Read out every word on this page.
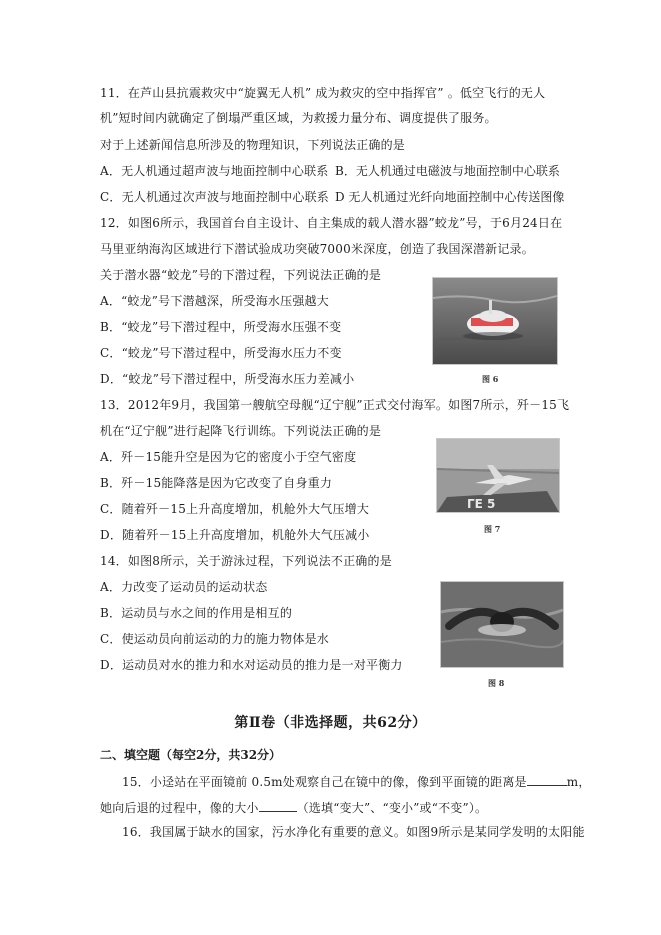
11．在芦山县抗震救灾中“旋翼无人机” 成为救灾的空中指挥官” 。低空飞行的无人
机”短时间内就确定了倒塌严重区域，为救援力量分布、调度提供了服务。
对于上述新闻信息所涉及的物理知识，下列说法正确的是
A．无人机通过超声波与地面控制中心联系 B．无人机通过电磁波与地面控制中心联系
C．无人机通过次声波与地面控制中心联系 D 无人机通过光纤向地面控制中心传送图像
12．如图6所示，我国首台自主设计、自主集成的载人潜水器”蛟龙”号，于6月24日在
马里亚纳海沟区域进行下潜试验成功突破7000米深度，创造了我国深潜新记录。
关于潜水器“蛟龙”号的下潜过程，下列说法正确的是
A．“蛟龙”号下潜越深，所受海水压强越大
B．“蛟龙”号下潜过程中，所受海水压强不变
C．“蛟龙”号下潜过程中，所受海水压力不变
D．“蛟龙”号下潜过程中，所受海水压力差减小	图 6
13．2012年9月，我国第一艘航空母舰“辽宁舰”正式交付海军。如图7所示，歼－15飞
机在“辽宁舰”进行起降飞行训练。下列说法正确的是
A．歼－15能升空是因为它的密度小于空气密度
B．歼－15能降落是因为它改变了自身重力
C．随着歼－15上升高度增加，机舱外大气压增大
D．随着歼－15上升高度增加，机舱外大气压减小
ГЕ 5
图 7
14．如图8所示，关于游泳过程，下列说法不正确的是
A．力改变了运动员的运动状态
B．运动员与水之间的作用是相互的
C．使运动员向前运动的力的施力物体是水
D．运动员对水的推力和水对运动员的推力是一对平衡力
图 8
第Ⅱ卷（非选择题，共62分）
二、填空题（每空2分，共32分）
15．小迳站在平面镜前 0.5m处观察自己在镜中的像，像到平面镜的距离是	m，
她向后退的过程中，像的大小	（选填“变大”、“变小”或“不变”）。
16．我国属于缺水的国家，污水净化有重要的意义。如图9所示是某同学发明的太阳能
